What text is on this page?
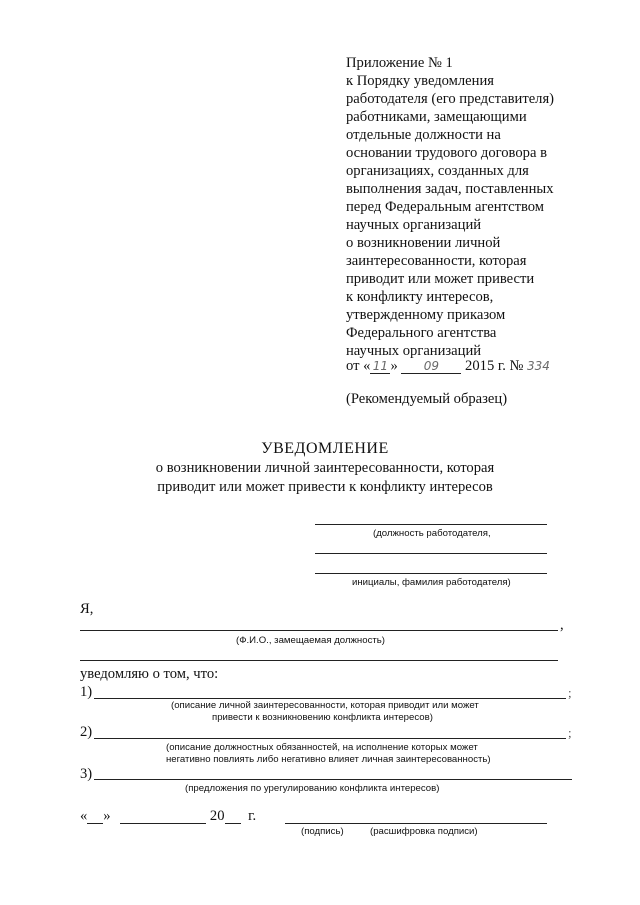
Приложение № 1
к Порядку уведомления
работодателя (его представителя)
работниками, замещающими
отдельные должности на
основании трудового договора в
организациях, созданных для
выполнения задач, поставленных
перед Федеральным агентством
научных организаций
о возникновении личной
заинтересованности, которая
приводит или может привести
к конфликту интересов,
утвержденному приказом
Федерального агентства
научных организаций
от « 11 » 09 2015 г. № 334
(Рекомендуемый образец)
УВЕДОМЛЕНИЕ
о возникновении личной заинтересованности, которая
приводит или может привести к конфликту интересов
(должность работодателя,
инициалы, фамилия работодателя)
Я,
,
(Ф.И.О., замещаемая должность)
уведомляю о том, что:
1)	;
(описание личной заинтересованности, которая приводит или может
привести к возникновению конфликта интересов)
2)	;
(описание должностных обязанностей, на исполнение которых может
негативно повлиять либо негативно влияет личная заинтересованность)
3)
(предложения по урегулированию конфликта интересов)
« »	20 г.
(подпись)	(расшифровка подписи)
